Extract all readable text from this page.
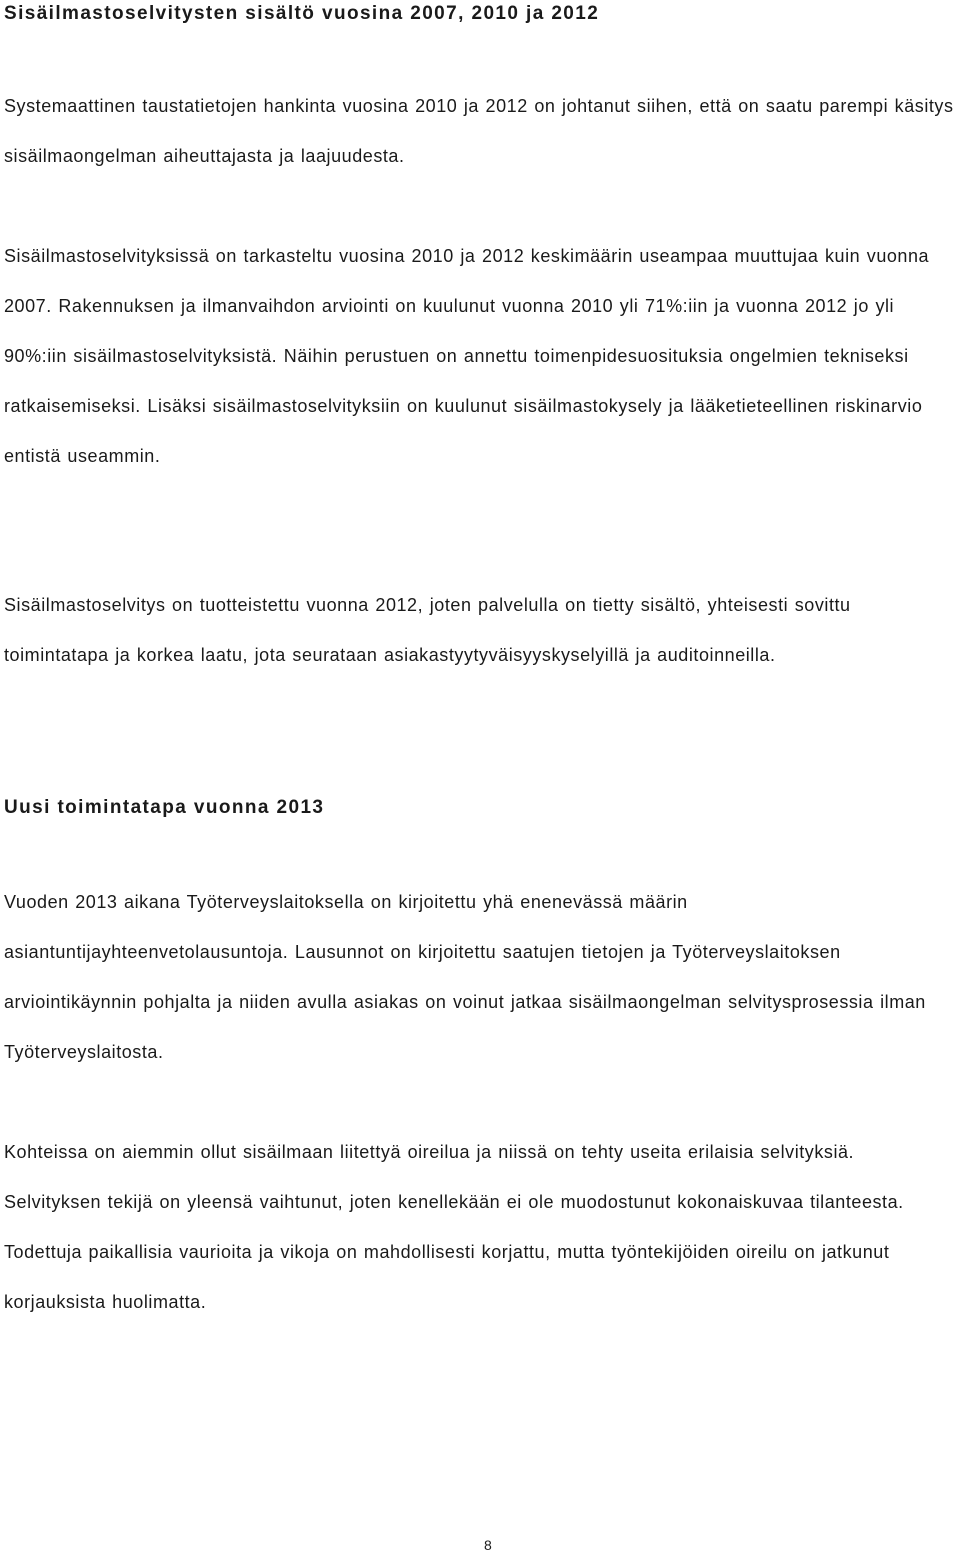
Sisäilmastoselvitysten sisältö vuosina 2007, 2010 ja 2012

Systemaattinen taustatietojen hankinta vuosina 2010 ja 2012 on johtanut siihen, että on saatu parempi käsitys sisäilmaongelman aiheuttajasta ja laajuudesta.

Sisäilmastoselvityksissä on tarkasteltu vuosina 2010 ja 2012 keskimäärin useampaa muuttujaa kuin vuonna 2007. Rakennuksen ja ilmanvaihdon arviointi on kuulunut vuonna 2010 yli 71%:iin ja vuonna 2012 jo yli 90%:iin sisäilmastoselvityksistä. Näihin perustuen on annettu toimenpidesuosituksia ongelmien tekniseksi ratkaisemiseksi. Lisäksi sisäilmastoselvityksiin on kuulunut sisäilmastokysely ja lääketieteellinen riskinarvio entistä useammin.

Sisäilmastoselvitys on tuotteistettu vuonna 2012, joten palvelulla on tietty sisältö, yhteisesti sovittu toimintatapa ja korkea laatu, jota seurataan asiakastyytyväisyyskyselyillä ja auditoinneilla.

Uusi toimintatapa vuonna 2013

Vuoden 2013 aikana Työterveyslaitoksella on kirjoitettu yhä enenevässä määrin asiantuntijayhteenvetolausuntoja. Lausunnot on kirjoitettu saatujen tietojen ja Työterveyslaitoksen arviointikäynnin pohjalta ja niiden avulla asiakas on voinut jatkaa sisäilmaongelman selvitysprosessia ilman Työterveyslaitosta.

Kohteissa on aiemmin ollut sisäilmaan liitettyä oireilua ja niissä on tehty useita erilaisia selvityksiä. Selvityksen tekijä on yleensä vaihtunut, joten kenellekään ei ole muodostunut kokonaiskuvaa tilanteesta. Todettuja paikallisia vaurioita ja vikoja on mahdollisesti korjattu, mutta työntekijöiden oireilu on jatkunut korjauksista huolimatta.

8
